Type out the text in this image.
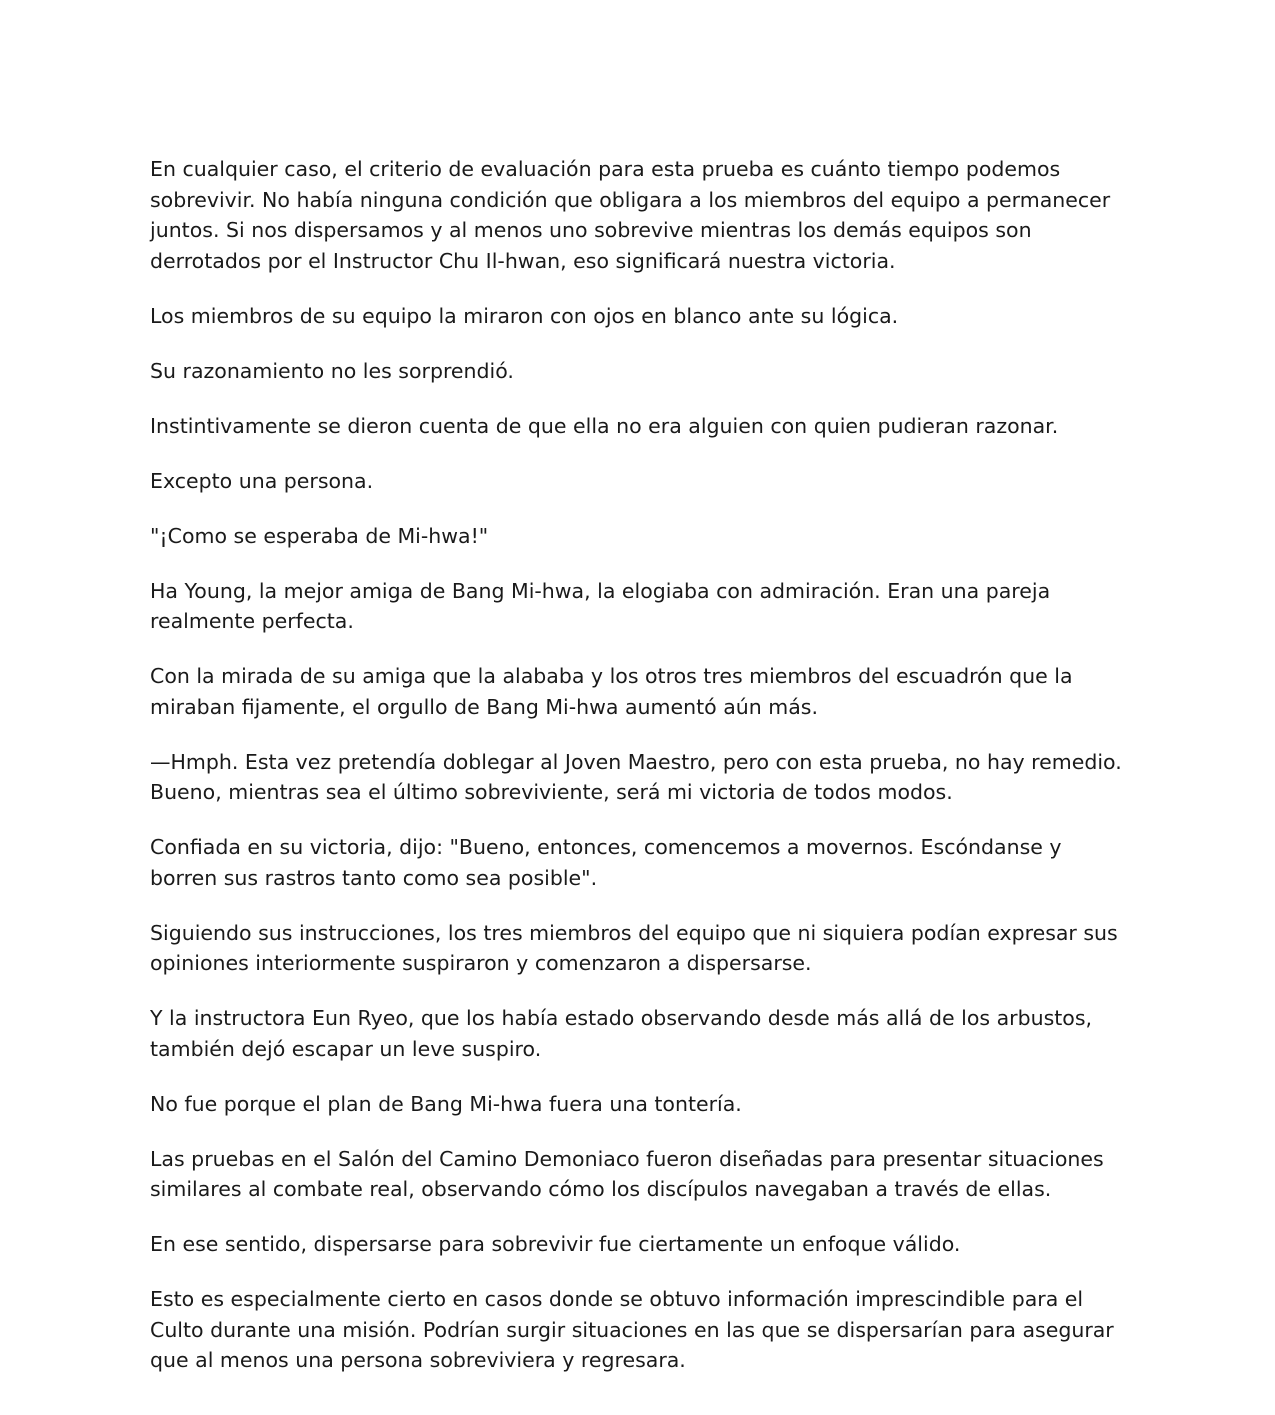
En cualquier caso, el criterio de evaluación para esta prueba es cuánto tiempo podemos sobrevivir. No había ninguna condición que obligara a los miembros del equipo a permanecer juntos. Si nos dispersamos y al menos uno sobrevive mientras los demás equipos son derrotados por el Instructor Chu Il-hwan, eso significará nuestra victoria.

Los miembros de su equipo la miraron con ojos en blanco ante su lógica.

Su razonamiento no les sorprendió.

Instintivamente se dieron cuenta de que ella no era alguien con quien pudieran razonar.

Excepto una persona.

"¡Como se esperaba de Mi-hwa!"

Ha Young, la mejor amiga de Bang Mi-hwa, la elogiaba con admiración. Eran una pareja realmente perfecta.

Con la mirada de su amiga que la alababa y los otros tres miembros del escuadrón que la miraban fijamente, el orgullo de Bang Mi-hwa aumentó aún más.

—Hmph. Esta vez pretendía doblegar al Joven Maestro, pero con esta prueba, no hay remedio. Bueno, mientras sea el último sobreviviente, será mi victoria de todos modos.

Confiada en su victoria, dijo: "Bueno, entonces, comencemos a movernos. Escóndanse y borren sus rastros tanto como sea posible".

Siguiendo sus instrucciones, los tres miembros del equipo que ni siquiera podían expresar sus opiniones interiormente suspiraron y comenzaron a dispersarse.

Y la instructora Eun Ryeo, que los había estado observando desde más allá de los arbustos, también dejó escapar un leve suspiro.

No fue porque el plan de Bang Mi-hwa fuera una tontería.

Las pruebas en el Salón del Camino Demoniaco fueron diseñadas para presentar situaciones similares al combate real, observando cómo los discípulos navegaban a través de ellas.

En ese sentido, dispersarse para sobrevivir fue ciertamente un enfoque válido.

Esto es especialmente cierto en casos donde se obtuvo información imprescindible para el Culto durante una misión. Podrían surgir situaciones en las que se dispersarían para asegurar que al menos una persona sobreviviera y regresara.
